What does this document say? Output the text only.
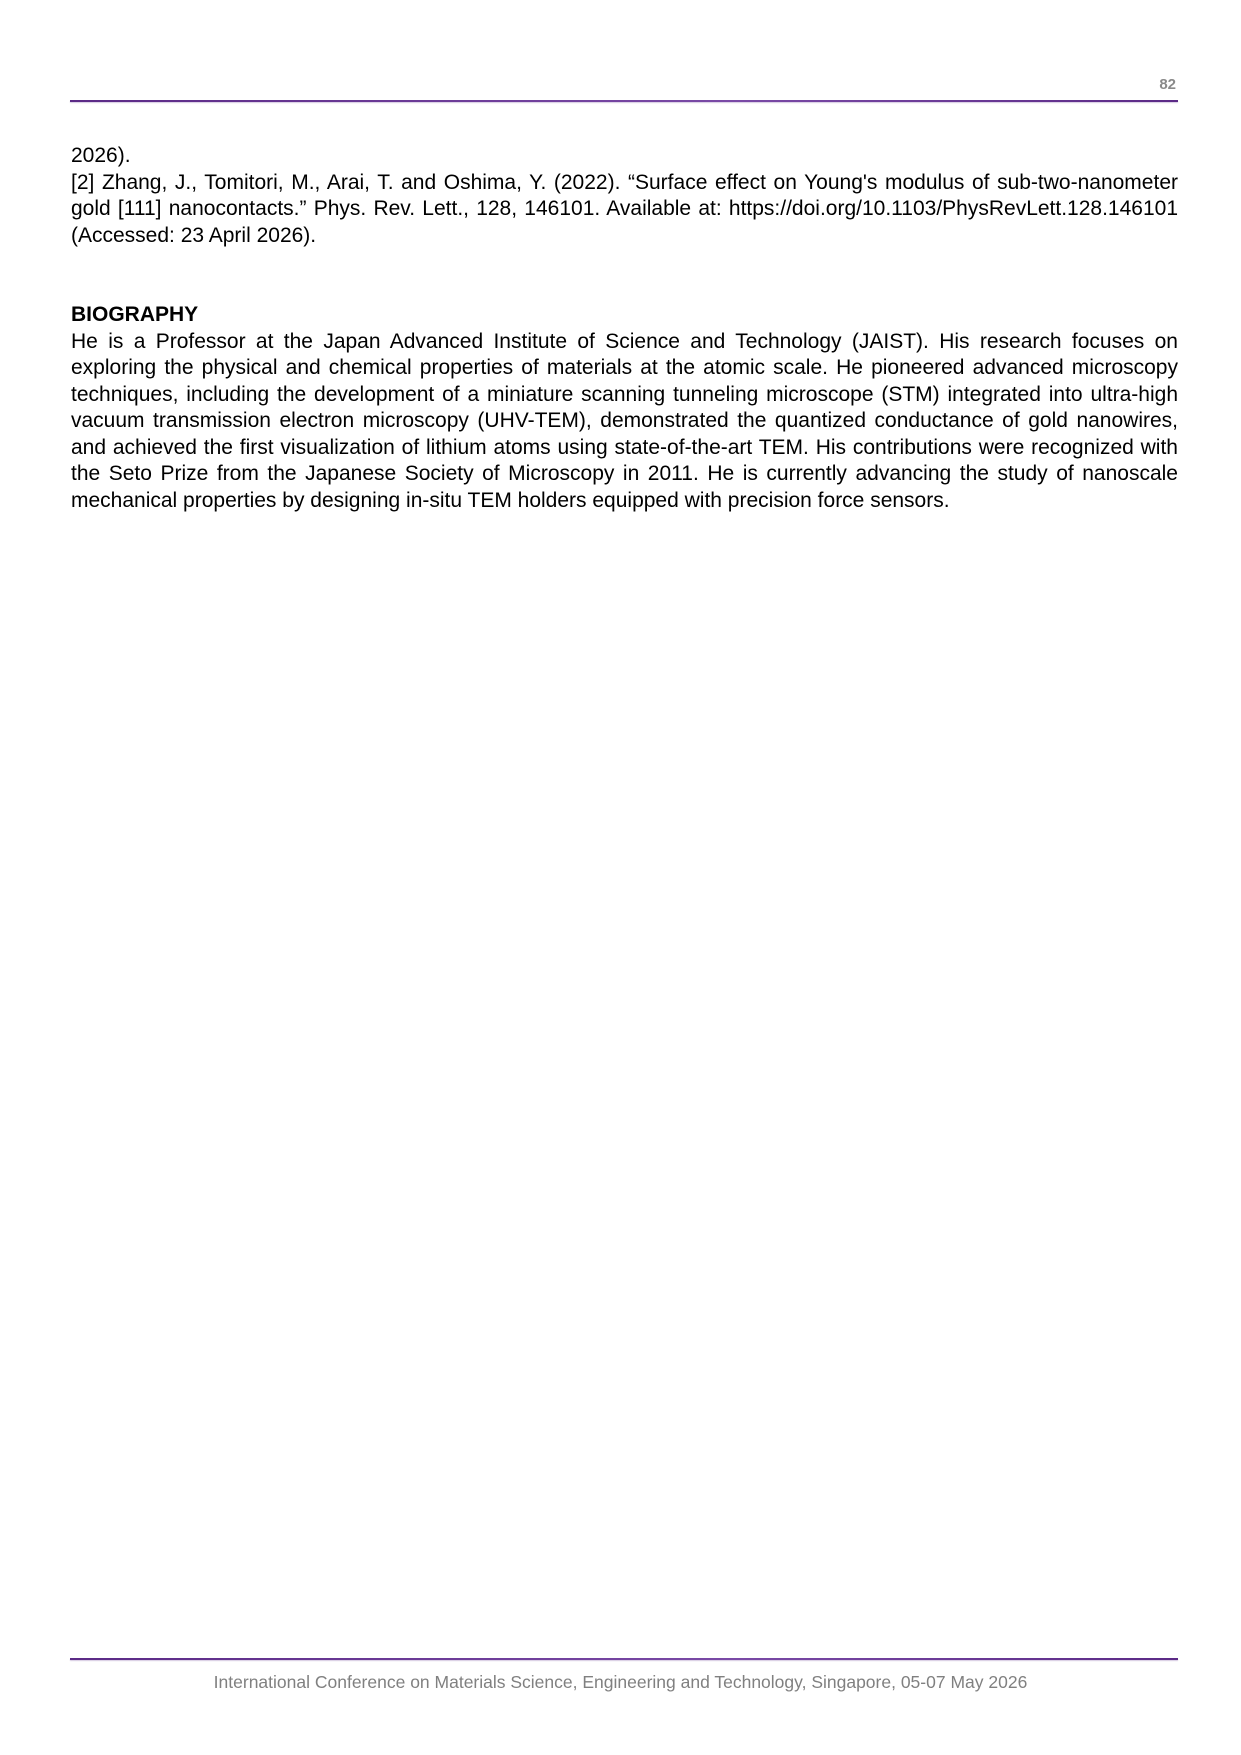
82

2026).

[2] Zhang, J., Tomitori, M., Arai, T. and Oshima, Y. (2022). “Surface effect on Young's modulus of sub-two-nanometer gold [111] nanocontacts.” Phys. Rev. Lett., 128, 146101. Available at: https://doi.org/10.1103/PhysRevLett.128.146101 (Accessed: 23 April 2026).

BIOGRAPHY

He is a Professor at the Japan Advanced Institute of Science and Technology (JAIST). His research focuses on exploring the physical and chemical properties of materials at the atomic scale. He pioneered advanced microscopy techniques, including the development of a miniature scanning tunneling microscope (STM) integrated into ultra-high vacuum transmission electron microscopy (UHV-TEM), demonstrated the quantized conductance of gold nanowires, and achieved the first visualization of lithium atoms using state-of-the-art TEM. His contributions were recognized with the Seto Prize from the Japanese Society of Microscopy in 2011. He is currently advancing the study of nanoscale mechanical properties by designing in-situ TEM holders equipped with precision force sensors.

International Conference on Materials Science, Engineering and Technology, Singapore, 05-07 May 2026
